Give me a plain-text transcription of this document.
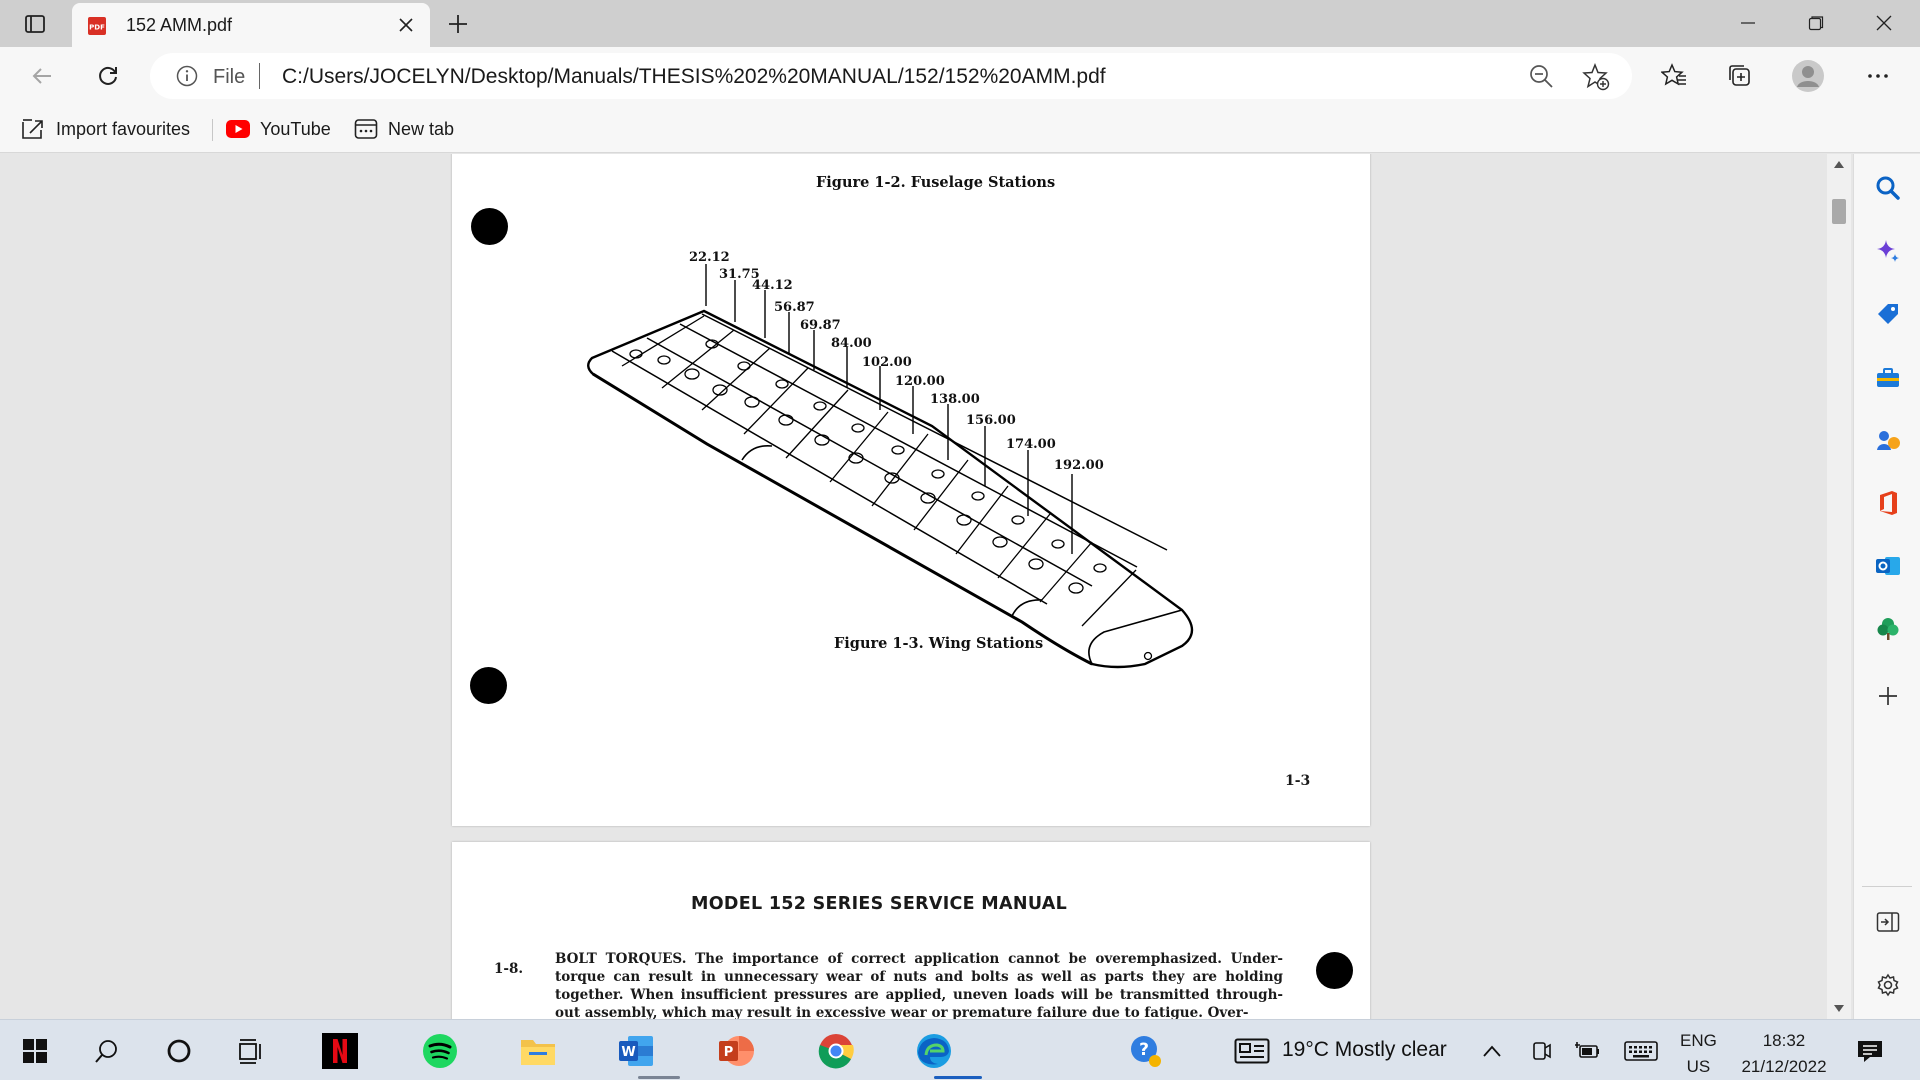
PDF 152 AMM.pdf
File C:/Users/JOCELYN/Desktop/Manuals/THESIS%202%20MANUAL/152/152%20AMM.pdf
Import favourites	YouTube	New tab
Figure 1-2. Fuselage Stations
22.12
31.75
44.12
56.87
69.87
84.00
102.00
120.00
138.00
156.00
174.00
192.00
Figure 1-3. Wing Stations
1-3
MODEL 152 SERIES SERVICE MANUAL
1-8.
BOLT TORQUES. The importance of correct application cannot be overemphasized. Under-torque can result in unnecessary wear of nuts and bolts as well as parts they are holding together. When insufficient pressures are applied, uneven loads will be transmitted through-out assembly, which may result in excessive wear or premature failure due to fatigue. Over-
W	P	?	19°C Mostly clear	ENG
US
18:32
21/12/2022
